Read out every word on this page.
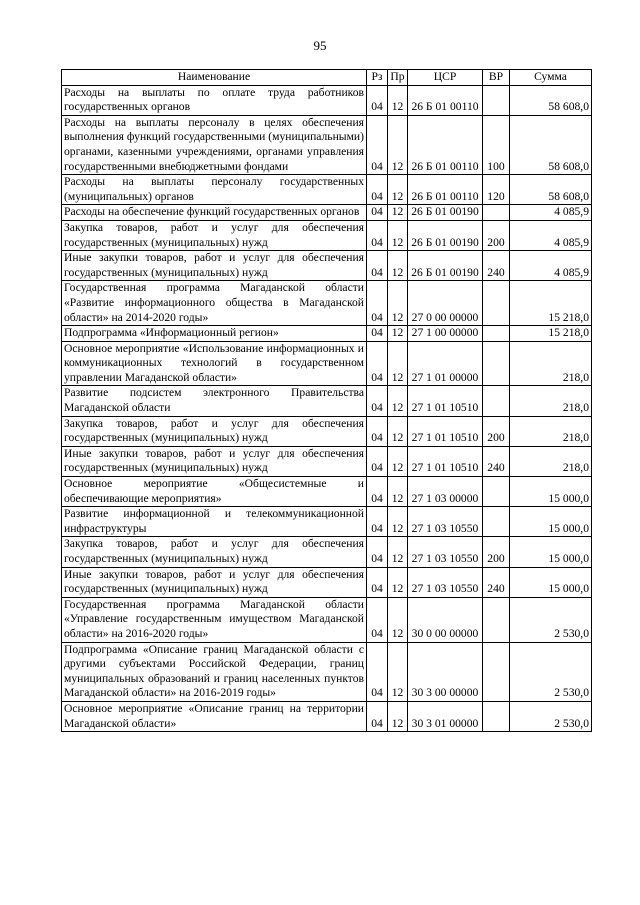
95
Наименование	Рз	Пр	ЦСР	ВР	Сумма
Расходы на выплаты по оплате труда работников государственных органов	04	12	26 Б 01 00110		58 608,0
Расходы на выплаты персоналу в целях обеспечения выполнения функций государственными (муниципальными) органами, казенными учреждениями, органами управления государственными внебюджетными фондами	04	12	26 Б 01 00110	100	58 608,0
Расходы на выплаты персоналу государственных (муниципальных) органов	04	12	26 Б 01 00110	120	58 608,0
Расходы на обеспечение функций государственных органов	04	12	26 Б 01 00190		4 085,9
Закупка товаров, работ и услуг для обеспечения государственных (муниципальных) нужд	04	12	26 Б 01 00190	200	4 085,9
Иные закупки товаров, работ и услуг для обеспечения государственных (муниципальных) нужд	04	12	26 Б 01 00190	240	4 085,9
Государственная программа Магаданской области «Развитие информационного общества в Магаданской области» на 2014-2020 годы»	04	12	27 0 00 00000		15 218,0
Подпрограмма «Информационный регион»	04	12	27 1 00 00000		15 218,0
Основное мероприятие «Использование информационных и коммуникационных технологий в государственном управлении Магаданской области»	04	12	27 1 01 00000		218,0
Развитие подсистем электронного Правительства Магаданской области	04	12	27 1 01 10510		218,0
Закупка товаров, работ и услуг для обеспечения государственных (муниципальных) нужд	04	12	27 1 01 10510	200	218,0
Иные закупки товаров, работ и услуг для обеспечения государственных (муниципальных) нужд	04	12	27 1 01 10510	240	218,0
Основное мероприятие «Общесистемные и обеспечивающие мероприятия»	04	12	27 1 03 00000		15 000,0
Развитие информационной и телекоммуникационной инфраструктуры	04	12	27 1 03 10550		15 000,0
Закупка товаров, работ и услуг для обеспечения государственных (муниципальных) нужд	04	12	27 1 03 10550	200	15 000,0
Иные закупки товаров, работ и услуг для обеспечения государственных (муниципальных) нужд	04	12	27 1 03 10550	240	15 000,0
Государственная программа Магаданской области «Управление государственным имуществом Магаданской области» на 2016-2020 годы»	04	12	30 0 00 00000		2 530,0
Подпрограмма «Описание границ Магаданской области с другими субъектами Российской Федерации, границ муниципальных образований и границ населенных пунктов Магаданской области» на 2016-2019 годы»	04	12	30 3 00 00000		2 530,0
Основное мероприятие «Описание границ на территории Магаданской области»	04	12	30 3 01 00000		2 530,0
